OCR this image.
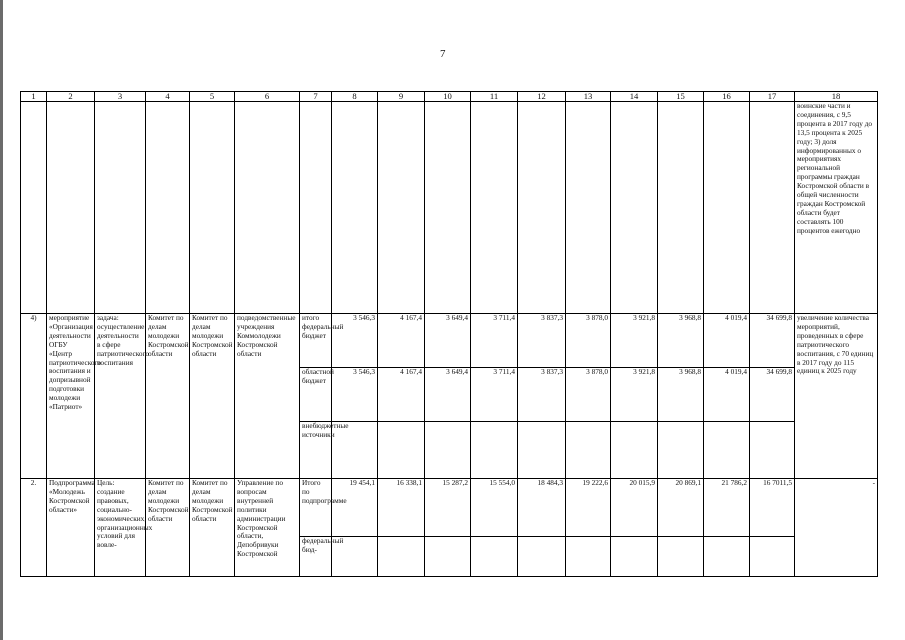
7
1	2	3	4	5	6	7	8	9	10	11	12	13	14	15	16	17	18
																	воинские части и соединения, с 9,5 процента в 2017 году до 13,5 процента к 2025 году; 3) доля информированных о мероприятиях региональной программы граждан Костромской области в общей численности граждан Костромской области будет составлять 100 процентов ежегодно
4)	мероприятие «Организация деятельности ОГБУ «Центр патриотического воспитания и допризывной подготовки молодежи «Патриот»	задача: осуществление деятельности в сфере патриотического воспитания	Комитет по делам молодежи Костромской области	Комитет по делам молодежи Костромской области	подведомственные учреждения Коммолодежи Костромской области	итого федеральный бюджет	3 546,3	4 167,4	3 649,4	3 711,4	3 837,3	3 878,0	3 921,8	3 968,8	4 019,4	34 699,8	увеличение количества мероприятий, проведенных в сфере патриотического воспитания, с 70 единиц в 2017 году до 115 единиц к 2025 году
						областной бюджет	3 546,3	4 167,4	3 649,4	3 711,4	3 837,3	3 878,0	3 921,8	3 968,8	4 019,4	34 699,8	
						внебюджетные источники											
2.	Подпрограмма «Молодежь Костромской области»	Цель: создание правовых, социально-экономических, организационных условий для вовле-	Комитет по делам молодежи Костромской области	Комитет по делам молодежи Костромской области	Управление по вопросам внутренней политики администрации Костромской области, Депобривуки Костромской	Итого по подпрограмме	19 454,1	16 338,1	15 287,2	15 554,0	18 484,3	19 222,6	20 015,9	20 869,1	21 786,2	16 7011,5	-
						федеральный бюд-											
